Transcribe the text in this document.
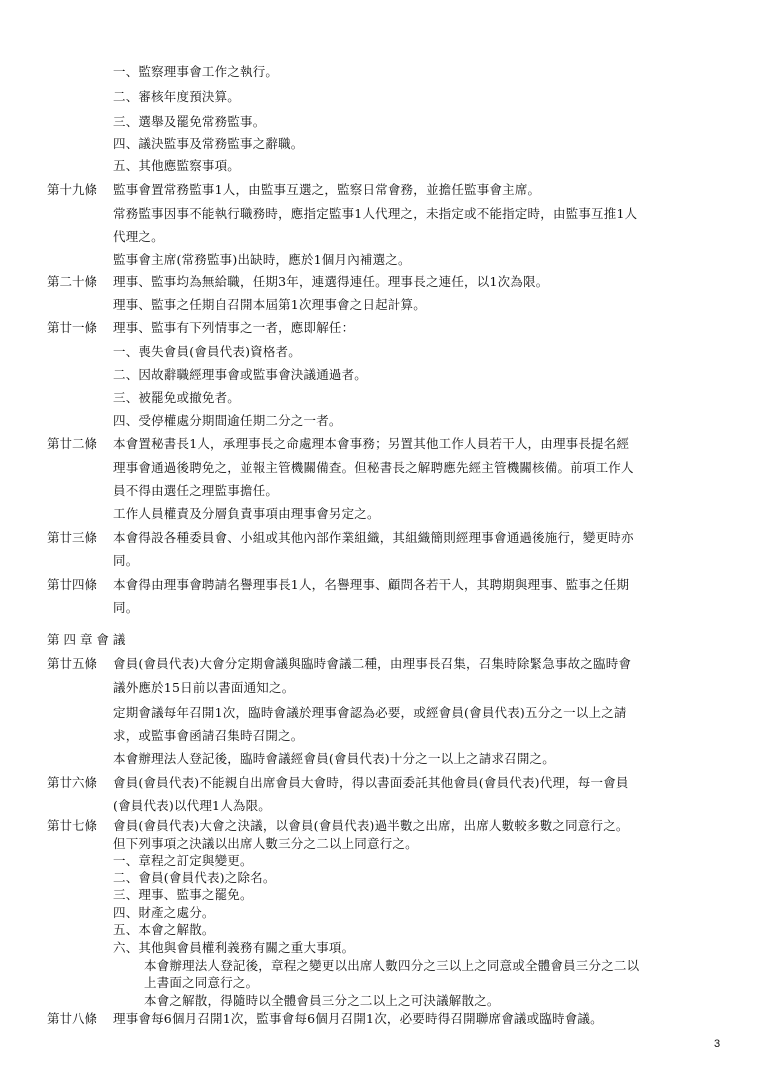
一、監察理事會工作之執行。
二、審核年度預決算。
三、選舉及罷免常務監事。
四、議決監事及常務監事之辭職。
五、其他應監察事項。
第十九條 監事會置常務監事1人，由監事互選之，監察日常會務，並擔任監事會主席。
常務監事因事不能執行職務時，應指定監事1人代理之，未指定或不能指定時，由監事互推1人
代理之。
監事會主席(常務監事)出缺時，應於1個月內補選之。
第二十條 理事、監事均為無給職，任期3年，連選得連任。理事長之連任，以1次為限。
理事、監事之任期自召開本屆第1次理事會之日起計算。
第廿一條 理事、監事有下列情事之一者，應即解任：
一、喪失會員(會員代表)資格者。
二、因故辭職經理事會或監事會決議通過者。
三、被罷免或撤免者。
四、受停權處分期間逾任期二分之一者。
第廿二條 本會置秘書長1人，承理事長之命處理本會事務；另置其他工作人員若干人，由理事長提名經
理事會通過後聘免之，並報主管機關備查。但秘書長之解聘應先經主管機關核備。前項工作人
員不得由選任之理監事擔任。
工作人員權責及分層負責事項由理事會另定之。
第廿三條 本會得設各種委員會、小組或其他內部作業組織，其組織簡則經理事會通過後施行，變更時亦
同。
第廿四條 本會得由理事會聘請名譽理事長1人，名譽理事、顧問各若干人，其聘期與理事、監事之任期
同。
第 四 章 會 議
第廿五條 會員(會員代表)大會分定期會議與臨時會議二種，由理事長召集，召集時除緊急事故之臨時會
議外應於15日前以書面通知之。
定期會議每年召開1次，臨時會議於理事會認為必要，或經會員(會員代表)五分之一以上之請
求，或監事會函請召集時召開之。
本會辦理法人登記後，臨時會議經會員(會員代表)十分之一以上之請求召開之。
第廿六條 會員(會員代表)不能親自出席會員大會時，得以書面委託其他會員(會員代表)代理，每一會員
(會員代表)以代理1人為限。
第廿七條 會員(會員代表)大會之決議，以會員(會員代表)過半數之出席，出席人數較多數之同意行之。
但下列事項之決議以出席人數三分之二以上同意行之。
一、章程之訂定與變更。
二、會員(會員代表)之除名。
三、理事、監事之罷免。
四、財產之處分。
五、本會之解散。
六、其他與會員權利義務有關之重大事項。
本會辦理法人登記後，章程之變更以出席人數四分之三以上之同意或全體會員三分之二以
上書面之同意行之。
本會之解散，得隨時以全體會員三分之二以上之可決議解散之。
第廿八條 理事會每6個月召開1次，監事會每6個月召開1次，必要時得召開聯席會議或臨時會議。
3
